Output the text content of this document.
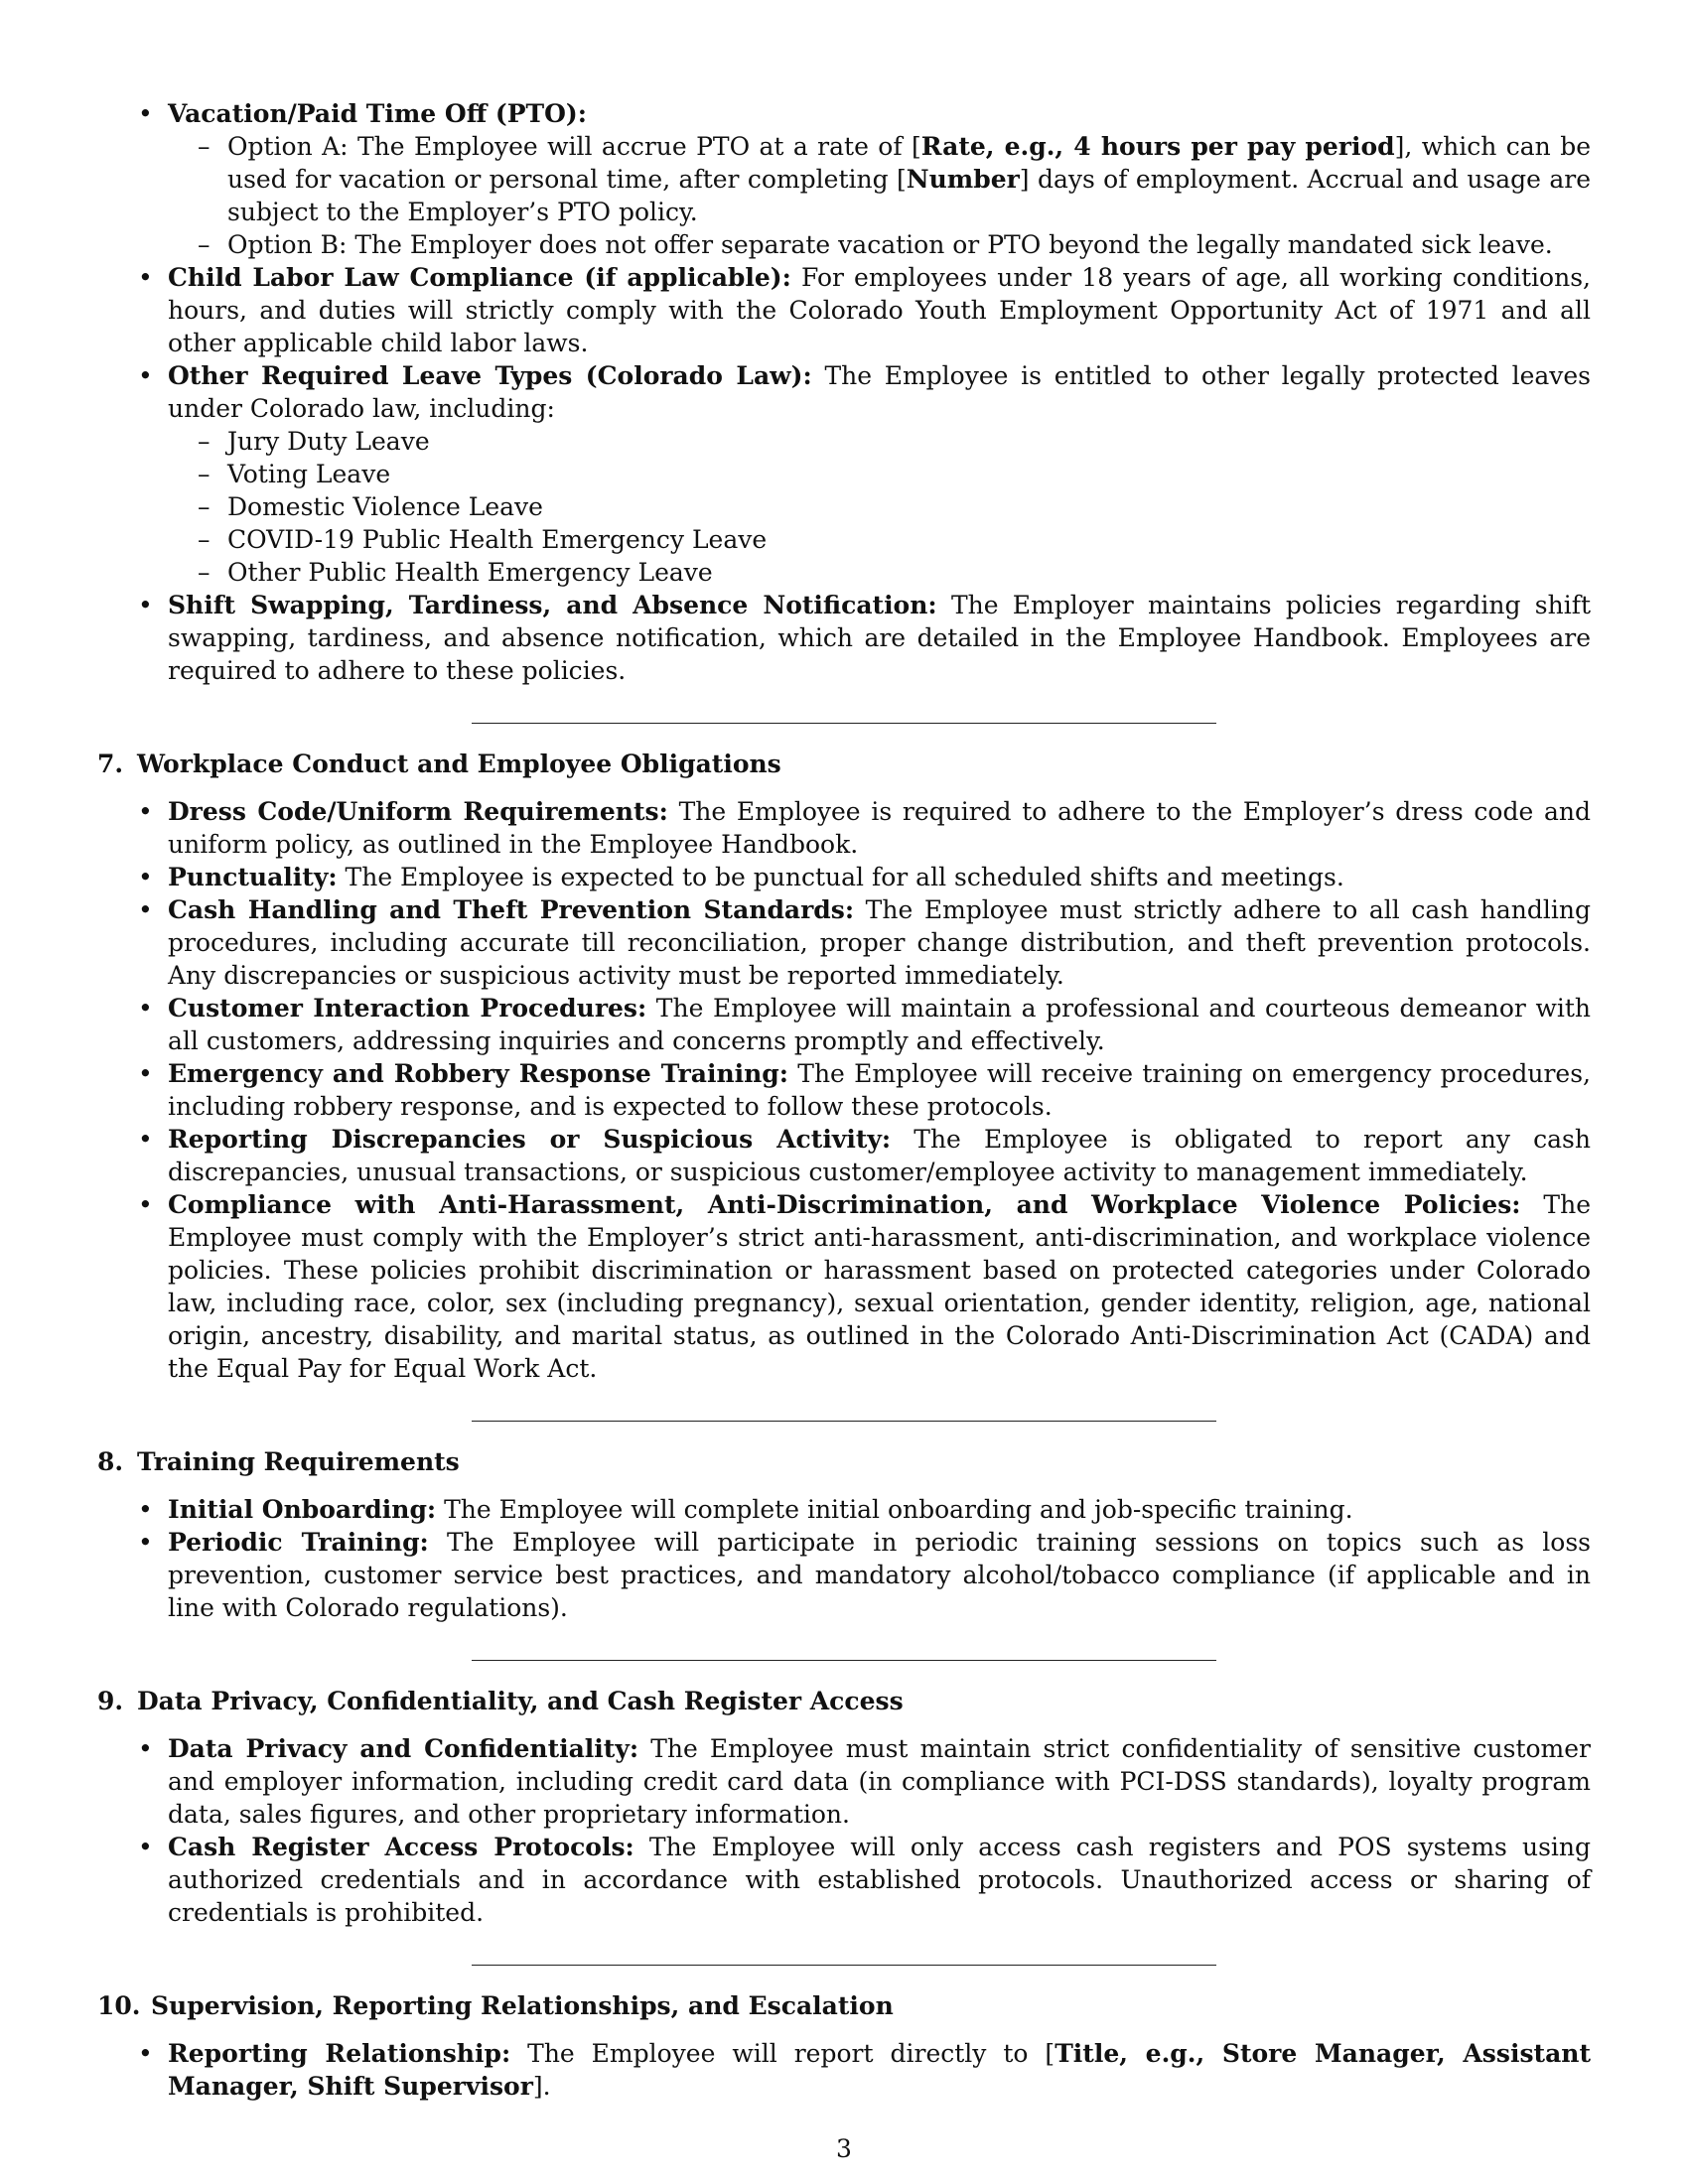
• Vacation/Paid Time Off (PTO):
– Option A: The Employee will accrue PTO at a rate of [Rate, e.g., 4 hours per pay period], which can be used for vacation or personal time, after completing [Number] days of employment. Accrual and usage are subject to the Employer’s PTO policy.
– Option B: The Employer does not offer separate vacation or PTO beyond the legally mandated sick leave.
• Child Labor Law Compliance (if applicable): For employees under 18 years of age, all working conditions, hours, and duties will strictly comply with the Colorado Youth Employment Opportunity Act of 1971 and all other applicable child labor laws.
• Other Required Leave Types (Colorado Law): The Employee is entitled to other legally protected leaves under Colorado law, including:
– Jury Duty Leave
– Voting Leave
– Domestic Violence Leave
– COVID-19 Public Health Emergency Leave
– Other Public Health Emergency Leave
• Shift Swapping, Tardiness, and Absence Notification: The Employer maintains policies regarding shift swapping, tardiness, and absence notification, which are detailed in the Employee Handbook. Employees are required to adhere to these policies.
7. Workplace Conduct and Employee Obligations
• Dress Code/Uniform Requirements: The Employee is required to adhere to the Employer’s dress code and uniform policy, as outlined in the Employee Handbook.
• Punctuality: The Employee is expected to be punctual for all scheduled shifts and meetings.
• Cash Handling and Theft Prevention Standards: The Employee must strictly adhere to all cash handling procedures, including accurate till reconciliation, proper change distribution, and theft prevention protocols. Any discrepancies or suspicious activity must be reported immediately.
• Customer Interaction Procedures: The Employee will maintain a professional and courteous demeanor with all customers, addressing inquiries and concerns promptly and effectively.
• Emergency and Robbery Response Training: The Employee will receive training on emergency procedures, including robbery response, and is expected to follow these protocols.
• Reporting Discrepancies or Suspicious Activity: The Employee is obligated to report any cash discrepancies, unusual transactions, or suspicious customer/employee activity to management immediately.
• Compliance with Anti-Harassment, Anti-Discrimination, and Workplace Violence Policies: The Employee must comply with the Employer’s strict anti-harassment, anti-discrimination, and workplace violence policies. These policies prohibit discrimination or harassment based on protected categories under Colorado law, including race, color, sex (including pregnancy), sexual orientation, gender identity, religion, age, national origin, ancestry, disability, and marital status, as outlined in the Colorado Anti-Discrimination Act (CADA) and the Equal Pay for Equal Work Act.
8. Training Requirements
• Initial Onboarding: The Employee will complete initial onboarding and job-specific training.
• Periodic Training: The Employee will participate in periodic training sessions on topics such as loss prevention, customer service best practices, and mandatory alcohol/tobacco compliance (if applicable and in line with Colorado regulations).
9. Data Privacy, Confidentiality, and Cash Register Access
• Data Privacy and Confidentiality: The Employee must maintain strict confidentiality of sensitive customer and employer information, including credit card data (in compliance with PCI-DSS standards), loyalty program data, sales figures, and other proprietary information.
• Cash Register Access Protocols: The Employee will only access cash registers and POS systems using authorized credentials and in accordance with established protocols. Unauthorized access or sharing of credentials is prohibited.
10. Supervision, Reporting Relationships, and Escalation
• Reporting Relationship: The Employee will report directly to [Title, e.g., Store Manager, Assistant Manager, Shift Supervisor].
3
